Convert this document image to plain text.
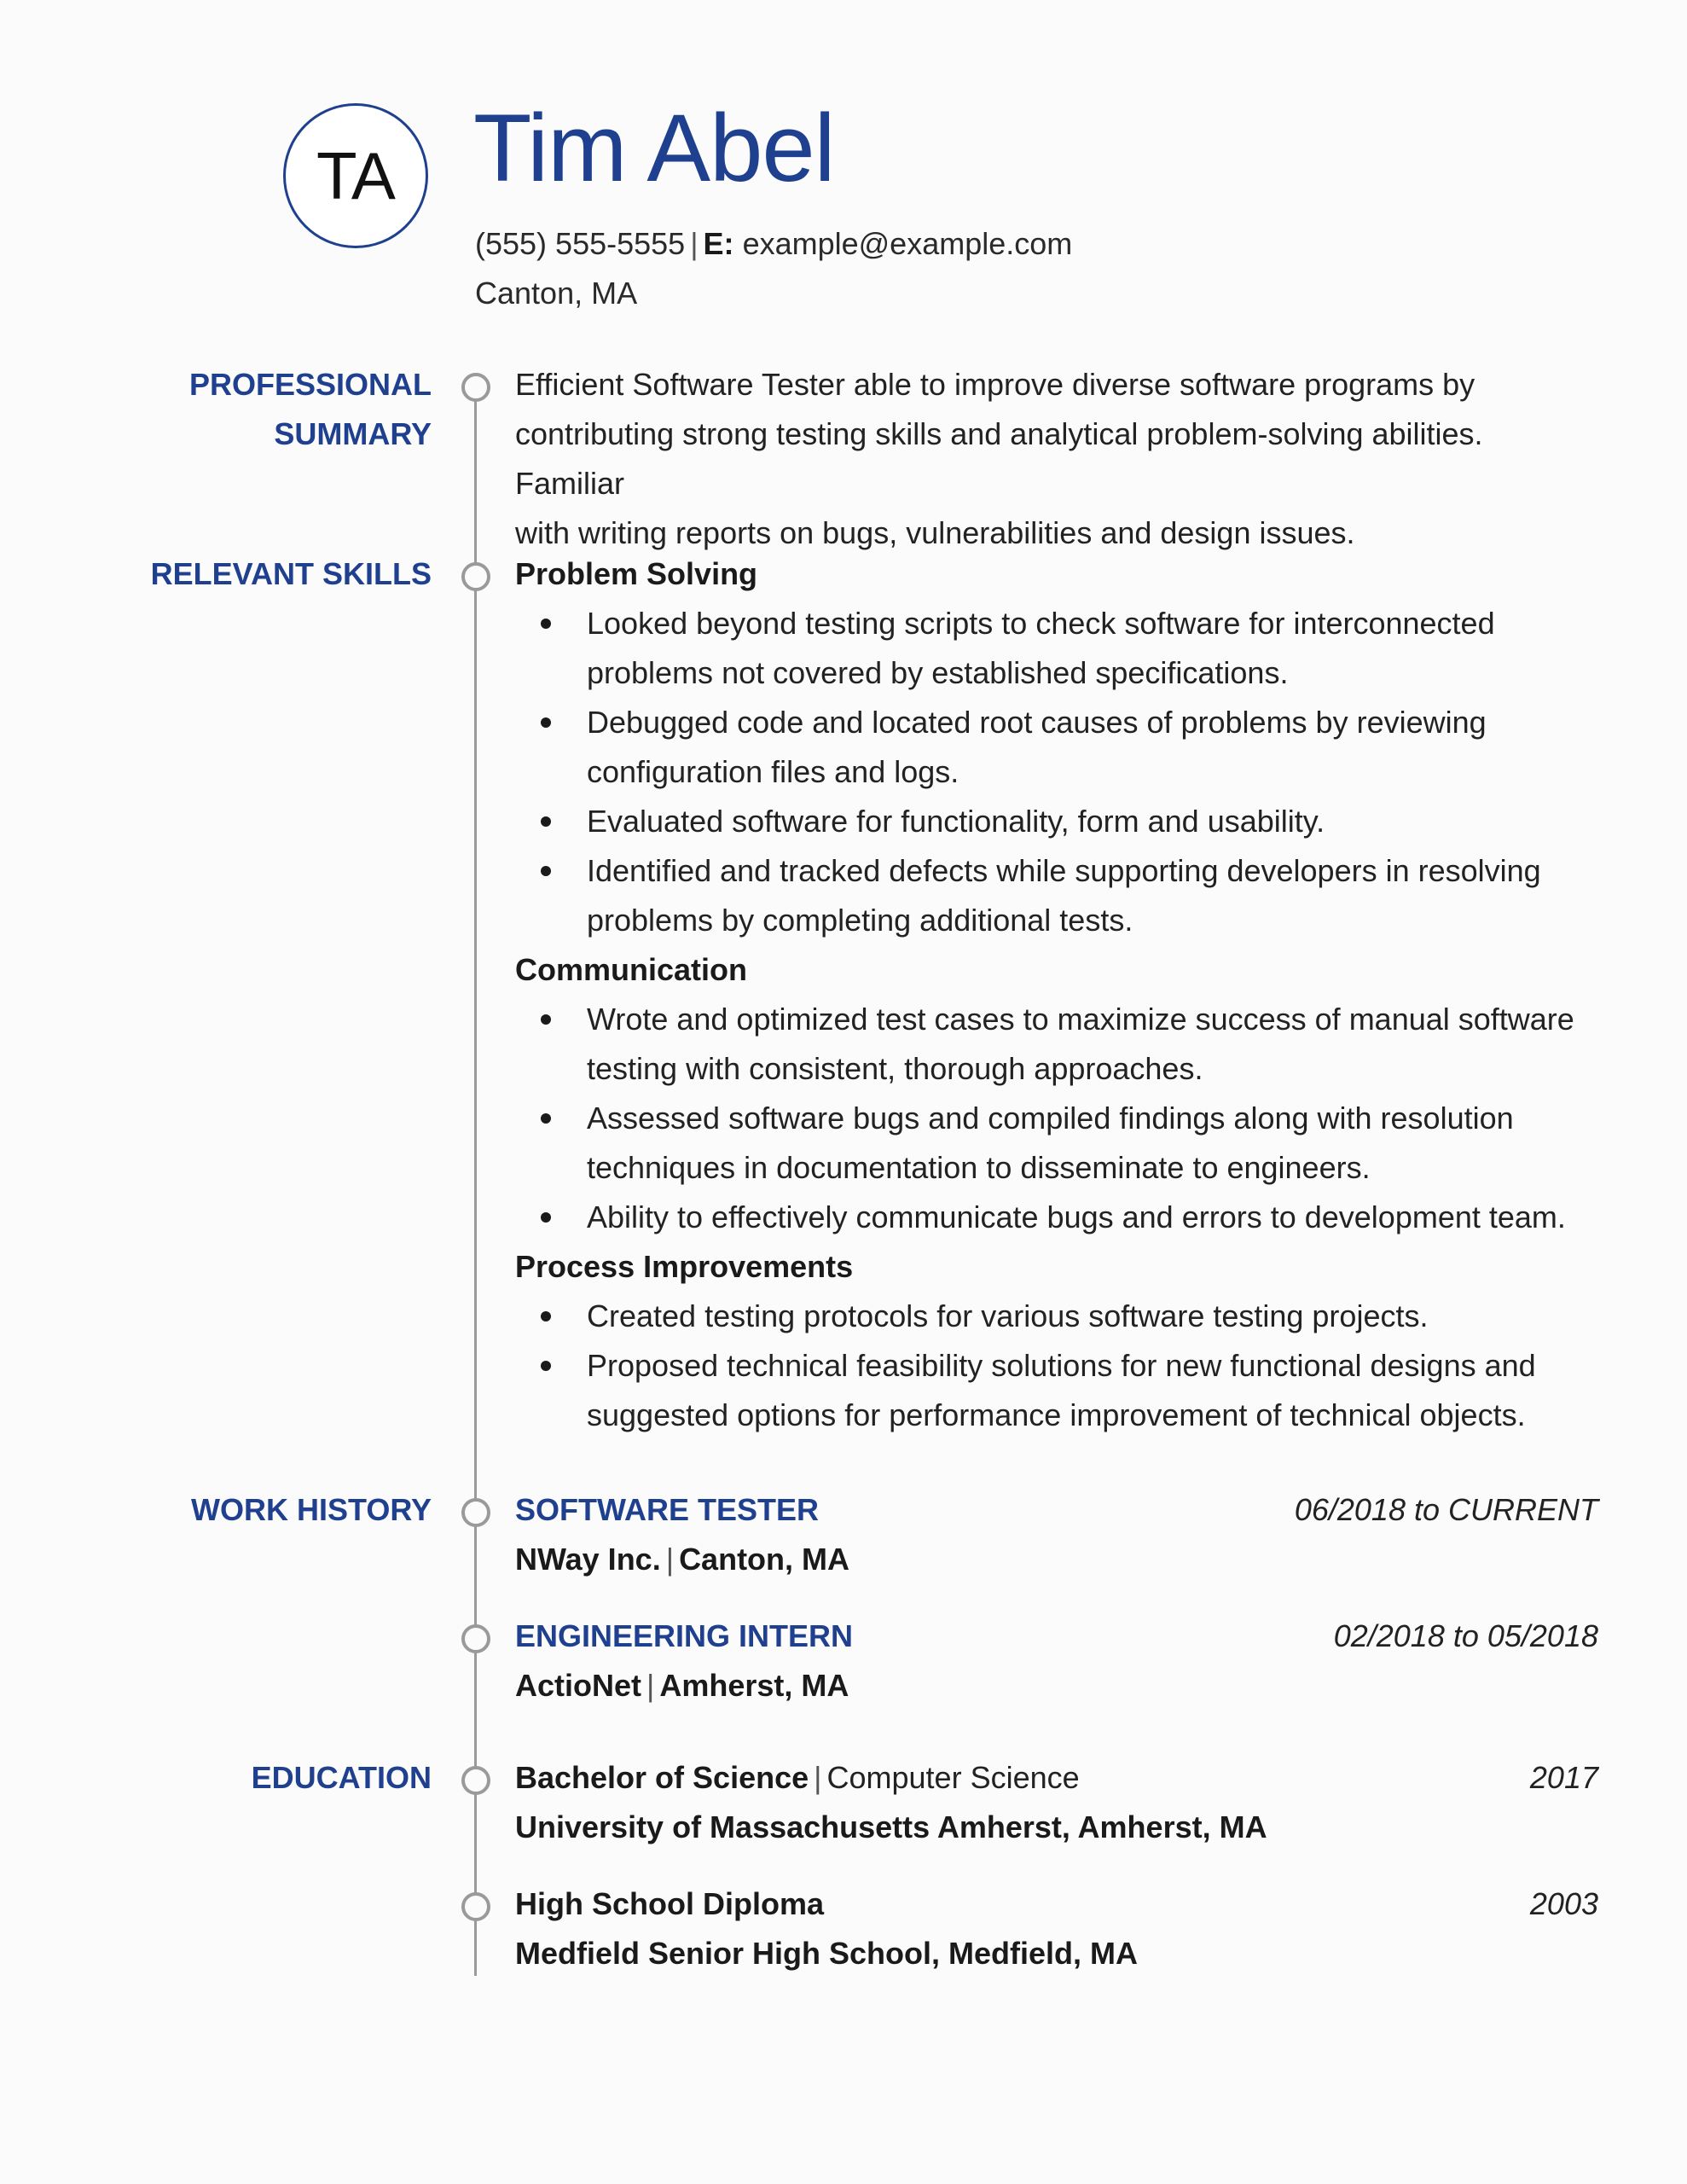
TA Tim Abel
(555) 555-5555 | E: example@example.com
Canton, MA
PROFESSIONAL
SUMMARY

Efficient Software Tester able to improve diverse software programs by

contributing strong testing skills and analytical problem-solving abilities. Familiar

with writing reports on bugs, vulnerabilities and design issues.

RELEVANT SKILLS	Problem Solving

Looked beyond testing scripts to check software for interconnected
problems not covered by established specifications.
Debugged code and located root causes of problems by reviewing
configuration files and logs.
Evaluated software for functionality, form and usability.
Identified and tracked defects while supporting developers in resolving
problems by completing additional tests.

Communication

Wrote and optimized test cases to maximize success of manual software
testing with consistent, thorough approaches.
Assessed software bugs and compiled findings along with resolution
techniques in documentation to disseminate to engineers.
Ability to effectively communicate bugs and errors to development team.

Process Improvements

Created testing protocols for various software testing projects.
Proposed technical feasibility solutions for new functional designs and
suggested options for performance improvement of technical objects.
WORK HISTORY	SOFTWARE TESTER	06/2018 to CURRENT
NWay Inc. | Canton, MA
ENGINEERING INTERN	02/2018 to 05/2018
ActioNet | Amherst, MA
EDUCATION	Bachelor of Science | Computer Science	2017
University of Massachusetts Amherst, Amherst, MA
High School Diploma	2003
Medfield Senior High School, Medfield, MA
